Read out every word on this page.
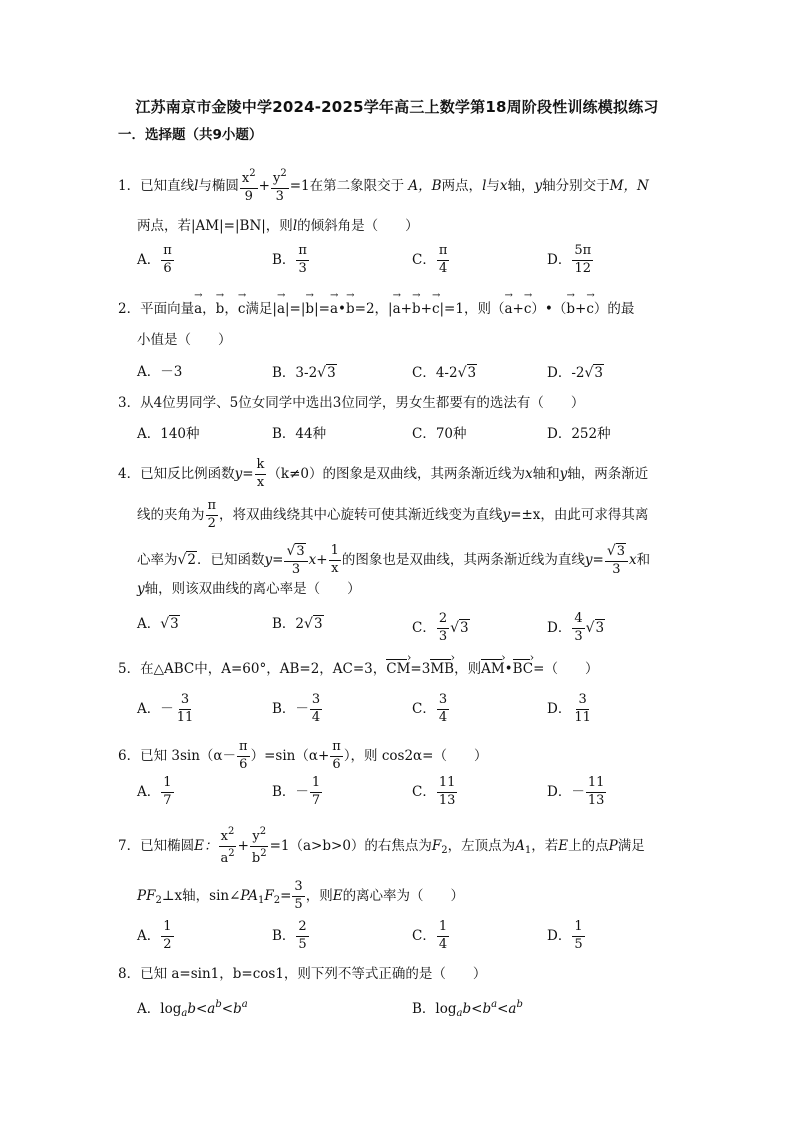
江苏南京市金陵中学2024-2025学年高三上数学第18周阶段性训练模拟练习
一．选择题（共9小题）
1．已知直线l与椭圆 $\frac{x^2}{9} + \frac{y^2}{3} =1$在第二象限交于 A，B两点，l与x轴，y轴分别交于M，N
两点，若|AM|=|BN|，则l的倾斜角是（　　）
A． $\frac{\pi}{6}$	B． $\frac{\pi}{3}$	C． $\frac{\pi}{4}$	D． $\frac{5\pi}{12}$
2．平面向量→ a，→ b，→ c满足|→ a|=|→ b|=→ a•→ b=2，|→ a+→ b+→ c|=1，则（→ a+→ c）•（→ b+→ c）的最
小值是（　　）
A．－3	B．3-2√3	C．4-2√3	D．-2√3
3．从4位男同学、5位女同学中选出3位同学，男女生都要有的选法有（　　）
A．140种	B．44种	C．70种	D．252种
4．已知反比例函数$y= \frac{k}{x} (k\ne 0)$的图象是双曲线，其两条渐近线为x轴和y轴，两条渐近
线的夹角为 $\frac{\pi}{2}$ ，将双曲线绕其中心旋转可使其渐近线变为直线y=±x，由此可求得其离
心率为√2．已知函数$y= \frac{√3}{3} x+ \frac{1}{x}$ 的图象也是双曲线，其两条渐近线为直线$y= \frac{√3}{3}$ x和
y轴，则该双曲线的离心率是（　　）
A．√3	B．2√3	C． $\frac{2}{3} √3$	D． $\frac{4}{3} √3$
5．在△ABC中，A=60°，AB=2，AC=3，CM ›=3MB ›，则AM ›•BC ›=（　　）
A．－ $\frac{3}{11}$	B．－ $\frac{3}{4}$	C． $\frac{3}{4}$	D． $\frac{3}{11}$
6．已知 $3\sin(\alpha- \frac{\pi}{6} )=\sin(\alpha+ \frac{\pi}{6}$ ），则 cos2α=（　　）
A． $\frac{1}{7}$	B．－ $\frac{1}{7}$	C． $\frac{11}{13}$	D．－ $\frac{11}{13}$
7．已知椭圆E： $\frac{x^2}{a^2} + \frac{y^2}{b^2} =1(a>b>0)$的右焦点为$F_2$，左顶点为$A_1$，若E上的点P满足
$PF_2\perp x$轴，$\sin\angle PA_1F_2= \frac{3}{5}$ ，则E的离心率为（　　）
A． $\frac{1}{2}$	B． $\frac{2}{5}$	C． $\frac{1}{4}$	D． $\frac{1}{5}$
8．已知 a=sin1，b=cos1，则下列不等式正确的是（　　）
A．$\log_ab<a^b<b^a$	B．$\log_ab<b^a<a^b$
